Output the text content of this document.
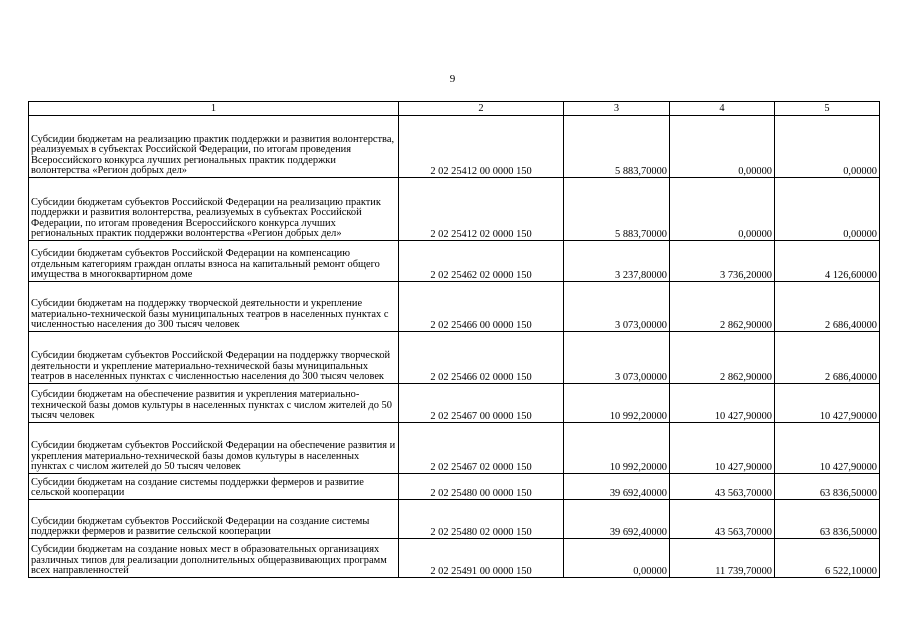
9
1	2	3	4	5
Субсидии бюджетам на реализацию практик поддержки и развития волонтерства, реализуемых в субъектах Российской Федерации, по итогам проведения Всероссийского конкурса лучших региональных практик поддержки волонтерства «Регион добрых дел»	2 02 25412 00 0000 150	5 883,70000	0,00000	0,00000
Субсидии бюджетам субъектов Российской Федерации на реализацию практик поддержки и развития волонтерства, реализуемых в субъектах Российской Федерации, по итогам проведения Всероссийского конкурса лучших региональных практик поддержки волонтерства «Регион добрых дел»	2 02 25412 02 0000 150	5 883,70000	0,00000	0,00000
Субсидии бюджетам субъектов Российской Федерации на компенсацию отдельным категориям граждан оплаты взноса на капитальный ремонт общего имущества в многоквартирном доме	2 02 25462 02 0000 150	3 237,80000	3 736,20000	4 126,60000
Субсидии бюджетам на поддержку творческой деятельности и укрепление материально-технической базы муниципальных театров в населенных пунктах с численностью населения до 300 тысяч человек	2 02 25466 00 0000 150	3 073,00000	2 862,90000	2 686,40000
Субсидии бюджетам субъектов Российской Федерации на поддержку творческой деятельности и укрепление материально-технической базы муниципальных театров в населенных пунктах с численностью населения до 300 тысяч человек	2 02 25466 02 0000 150	3 073,00000	2 862,90000	2 686,40000
Субсидии бюджетам на обеспечение развития и укрепления материально-технической базы домов культуры в населенных пунктах с числом жителей до 50 тысяч человек	2 02 25467 00 0000 150	10 992,20000	10 427,90000	10 427,90000
Субсидии бюджетам субъектов Российской Федерации на обеспечение развития и укрепления материально-технической базы домов культуры в населенных пунктах с числом жителей до 50 тысяч человек	2 02 25467 02 0000 150	10 992,20000	10 427,90000	10 427,90000
Субсидии бюджетам на создание системы поддержки фермеров и развитие сельской кооперации	2 02 25480 00 0000 150	39 692,40000	43 563,70000	63 836,50000
Субсидии бюджетам субъектов Российской Федерации на создание системы поддержки фермеров и развитие сельской кооперации	2 02 25480 02 0000 150	39 692,40000	43 563,70000	63 836,50000
Субсидии бюджетам на создание новых мест в образовательных организациях различных типов для реализации дополнительных общеразвивающих программ всех направленностей	2 02 25491 00 0000 150	0,00000	11 739,70000	6 522,10000
